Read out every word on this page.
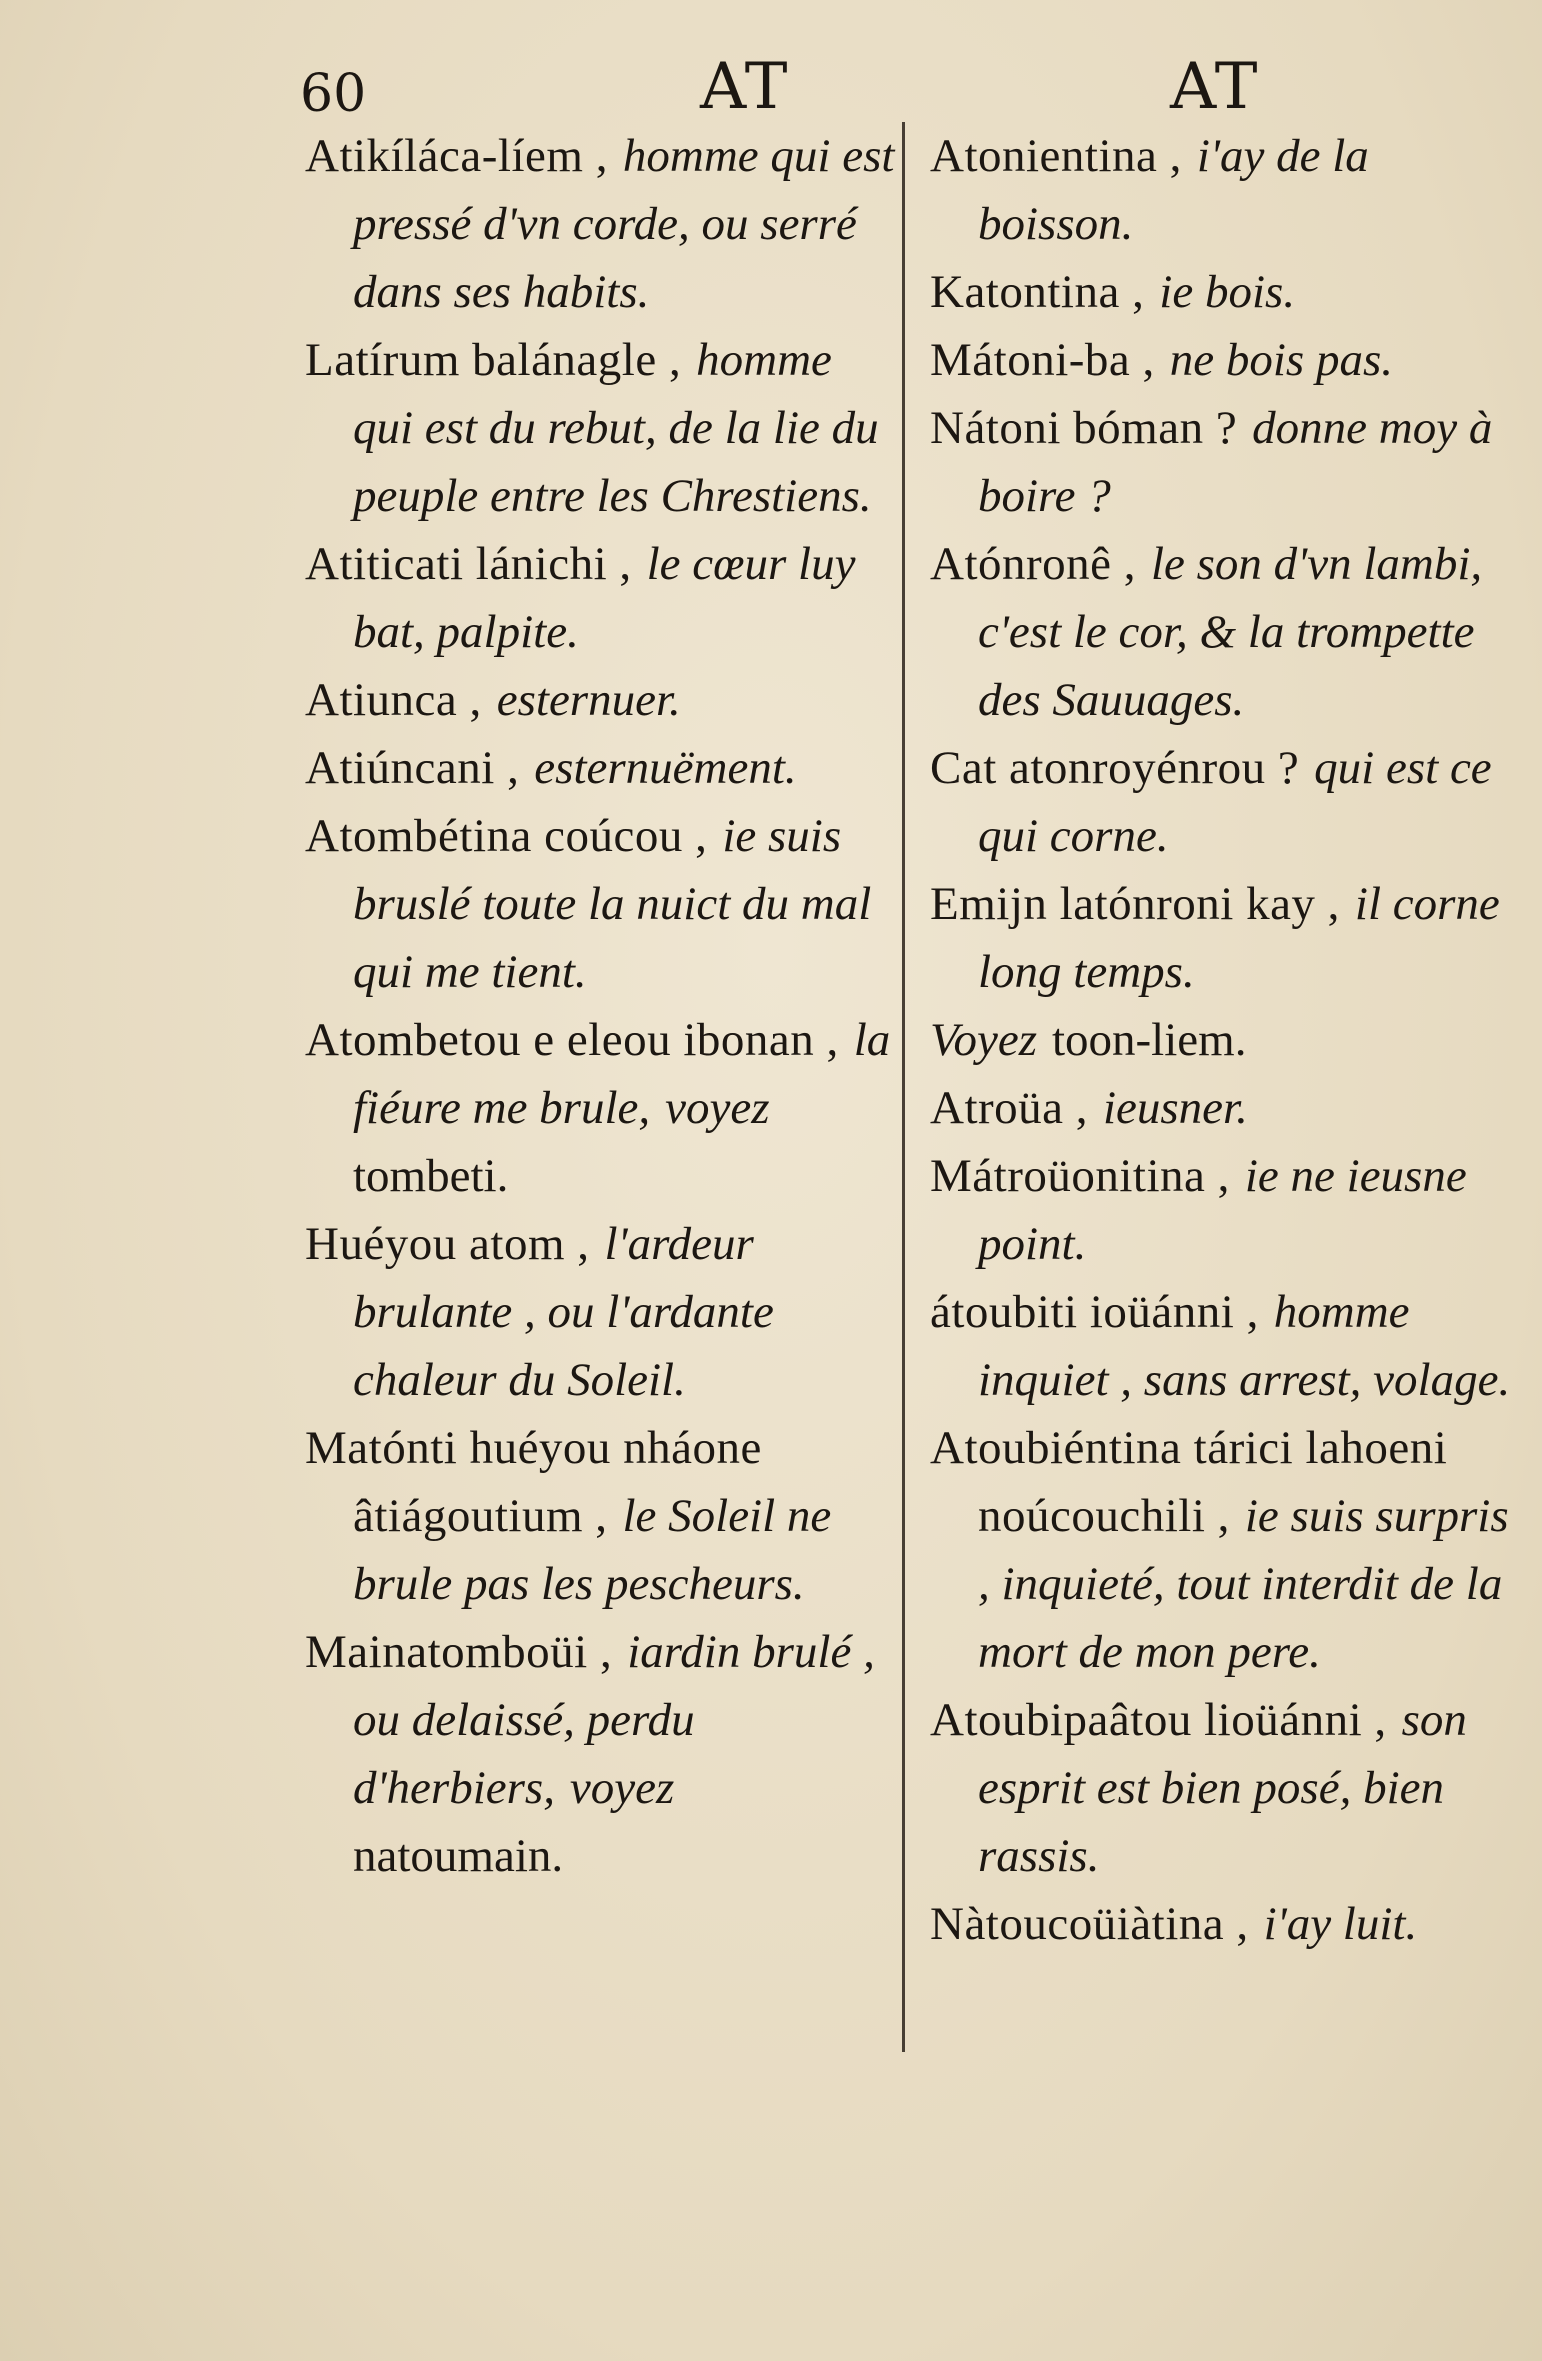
60	AT	AT

Atikíláca-líem , homme qui est pressé d'vn corde, ou serré dans ses habits.

Latírum balánagle , homme qui est du rebut, de la lie du peuple entre les Chrestiens.

Atiticati lánichi , le cœur luy bat, palpite.

Atiunca , esternuer.

Atiúncani , esternuëment.

Atombétina coúcou , ie suis bruslé toute la nuict du mal qui me tient.

Atombetou e eleou ibonan , la fiéure me brule, voyez tombeti.

Huéyou atom , l'ardeur brulante , ou l'ardante chaleur du Soleil.

Matónti huéyou nháone âtiágoutium , le Soleil ne brule pas les pescheurs.

Mainatomboüi , iardin brulé , ou delaissé, perdu d'herbiers, voyez natoumain.

Atonientina , i'ay de la boisson.

Katontina , ie bois.

Mátoni-ba , ne bois pas.

Nátoni bóman ? donne moy à boire ?

Atónronê , le son d'vn lambi, c'est le cor, & la trompette des Sauuages.

Cat atonroyénrou ? qui est ce qui corne.

Emijn latónroni kay , il corne long temps.

Voyez toon-liem.

Atroüa , ieusner.

Mátroüonitina , ie ne ieusne point.

átoubiti ioüánni , homme inquiet , sans arrest, volage.

Atoubiéntina tárici lahoeni noúcouchili , ie suis surpris , inquieté, tout interdit de la mort de mon pere.

Atoubipaâtou lioüánni , son esprit est bien posé, bien rassis.

Nàtoucoüiàtina , i'ay luit.
